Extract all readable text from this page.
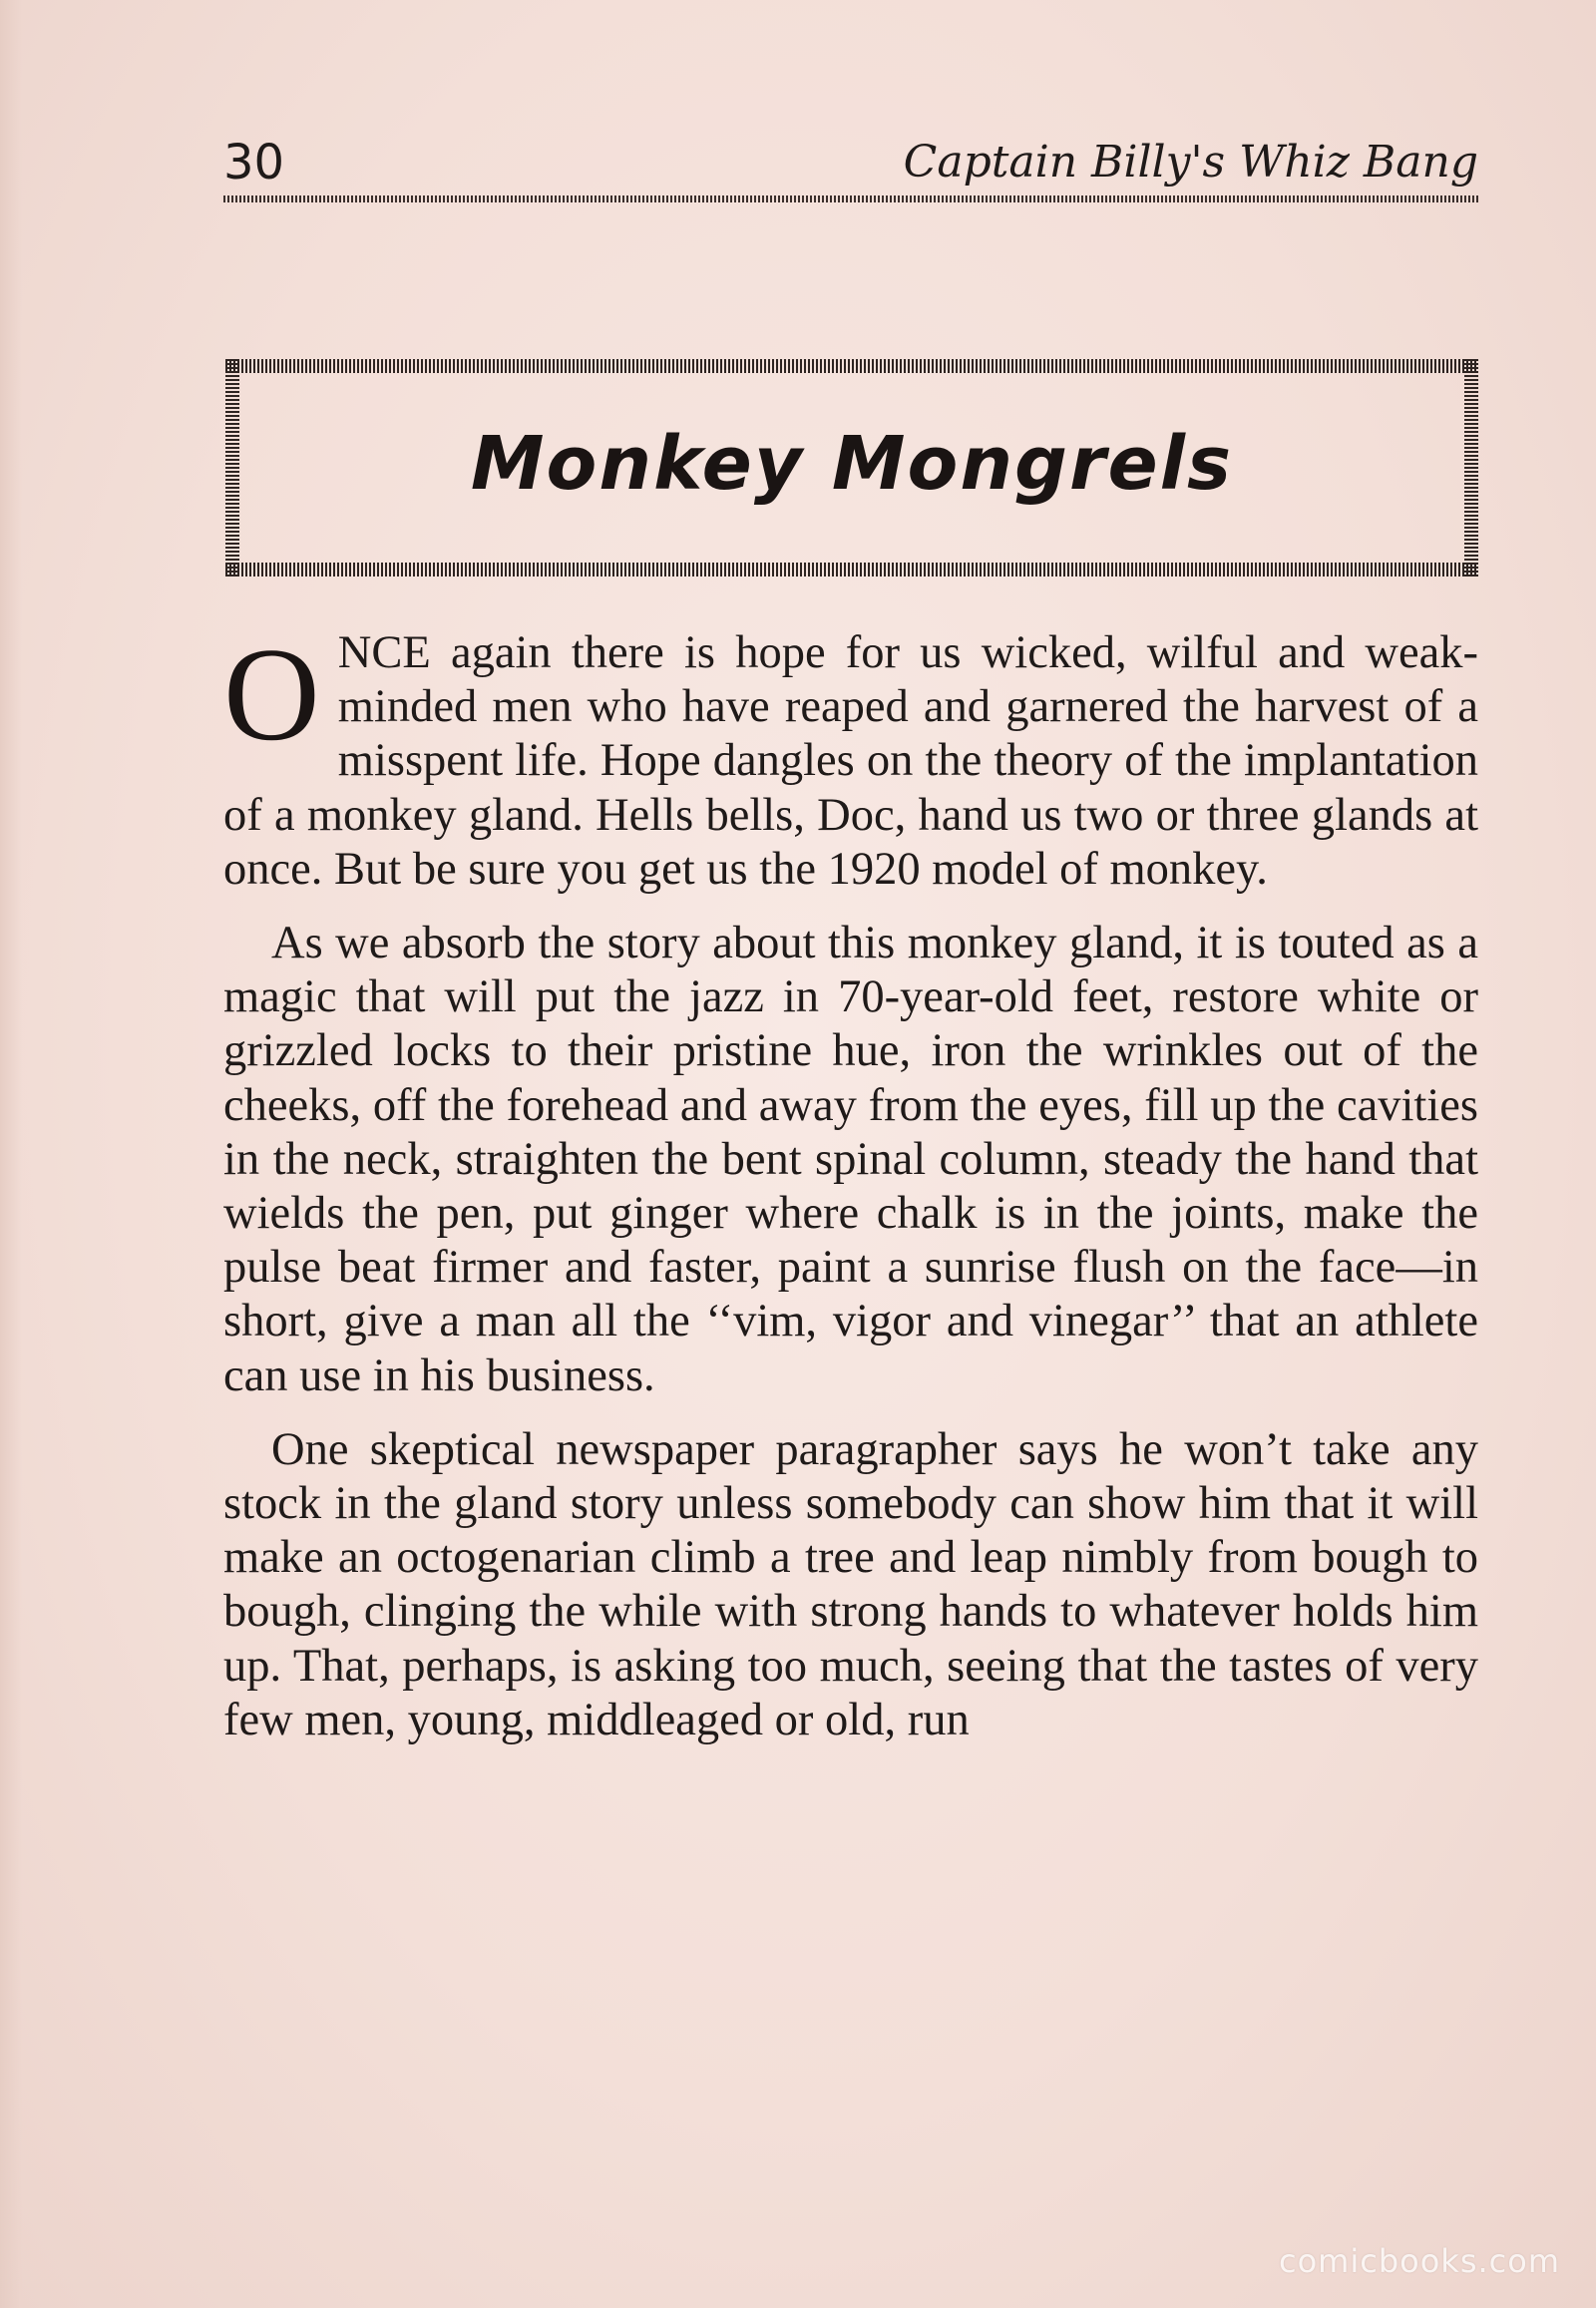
30	Captain Billy's Whiz Bang
Monkey Mongrels

ONCE again there is hope for us wicked, wilful and weak-minded men who have reaped and garnered the harvest of a misspent life. Hope dangles on the theory of the implantation of a monkey gland. Hells bells, Doc, hand us two or three glands at once. But be sure you get us the 1920 model of monkey.

As we absorb the story about this monkey gland, it is touted as a magic that will put the jazz in 70-year-old feet, restore white or grizzled locks to their pristine hue, iron the wrinkles out of the cheeks, off the forehead and away from the eyes, fill up the cavities in the neck, straighten the bent spinal column, steady the hand that wields the pen, put ginger where chalk is in the joints, make the pulse beat firmer and faster, paint a sunrise flush on the face—in short, give a man all the ‘‘vim, vigor and vinegar’’ that an athlete can use in his business.

One skeptical newspaper paragrapher says he won’t take any stock in the gland story unless somebody can show him that it will make an octogenarian climb a tree and leap nimbly from bough to bough, clinging the while with strong hands to whatever holds him up. That, perhaps, is asking too much, seeing that the tastes of very few men, young, middleaged or old, run

comicbooks.com
